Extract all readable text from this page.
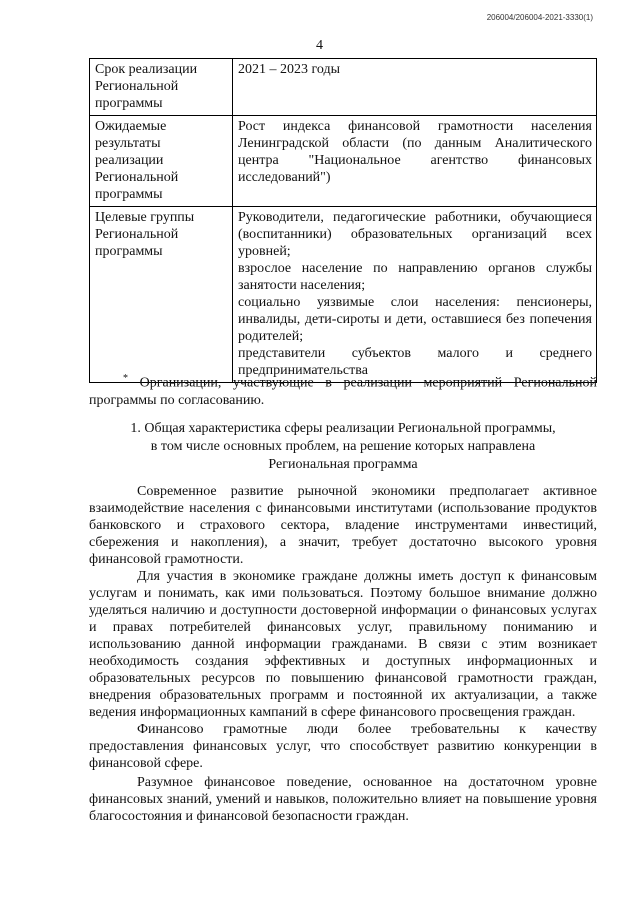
206004/206004-2021-3330(1)
4
Срок реализации Региональной программы	2021 – 2023 годы

Ожидаемые результаты реализации Региональной программы	Рост индекса финансовой грамотности населения Ленинградской области (по данным Аналитического центра "Национальное агентство финансовых исследований")

Целевые группы Региональной программы	Руководители, педагогические работники, обучающиеся (воспитанники) образовательных организаций всех уровней;

взрослое население по направлению органов службы занятости населения;

социально уязвимые слои населения: пенсионеры, инвалиды, дети-сироты и дети, оставшиеся без попечения родителей;

представители субъектов малого и среднего предпринимательства

* Организации, участвующие в реализации мероприятий Региональной программы по согласованию.
1. Общая характеристика сферы реализации Региональной программы,
в том числе основных проблем, на решение которых направлена
Региональная программа

Современное развитие рыночной экономики предполагает активное взаимодействие населения с финансовыми институтами (использование продуктов банковского и страхового сектора, владение инструментами инвестиций, сбережения и накопления), а значит, требует достаточно высокого уровня финансовой грамотности.

Для участия в экономике граждане должны иметь доступ к финансовым услугам и понимать, как ими пользоваться. Поэтому большое внимание должно уделяться наличию и доступности достоверной информации о финансовых услугах и правах потребителей финансовых услуг, правильному пониманию и использованию данной информации гражданами. В связи с этим возникает необходимость создания эффективных и доступных информационных и образовательных ресурсов по повышению финансовой грамотности граждан, внедрения образовательных программ и постоянной их актуализации, а также ведения информационных кампаний в сфере финансового просвещения граждан.

Финансово грамотные люди более требовательны к качеству предоставления финансовых услуг, что способствует развитию конкуренции в финансовой сфере.

Разумное финансовое поведение, основанное на достаточном уровне финансовых знаний, умений и навыков, положительно влияет на повышение уровня благосостояния и финансовой безопасности граждан.
